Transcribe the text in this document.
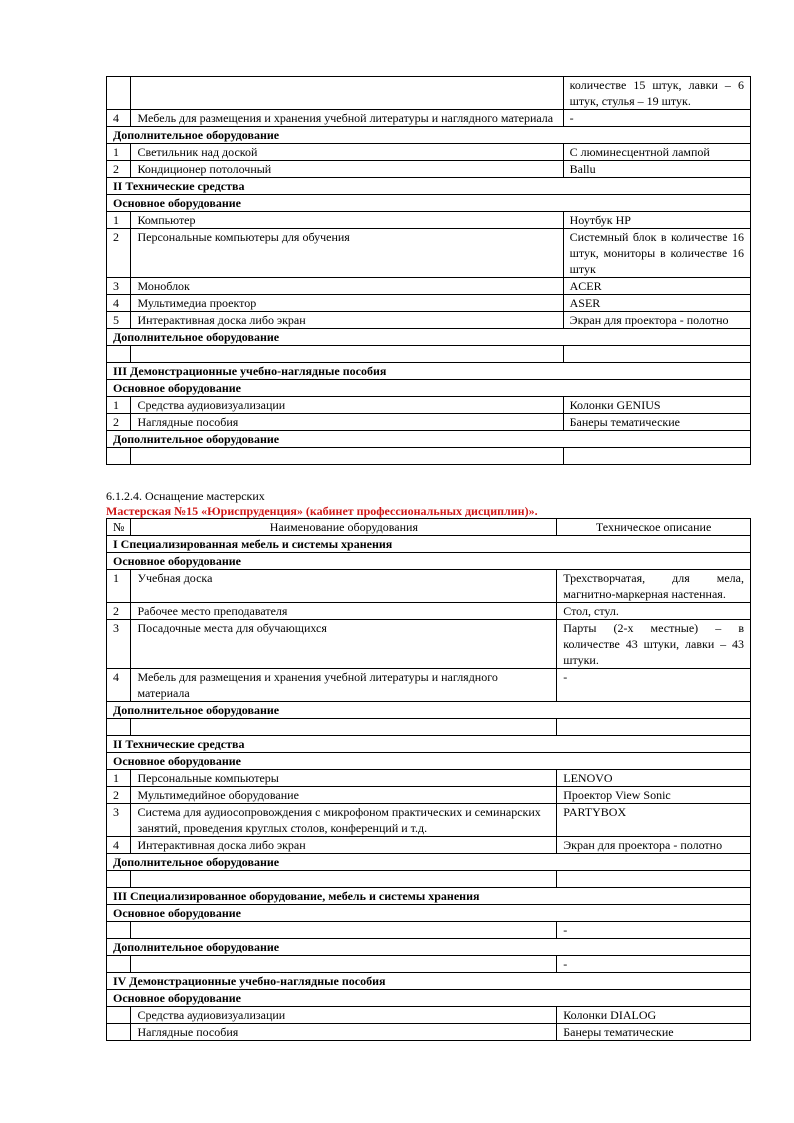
		количестве 15 штук, лавки – 6 штук, стулья – 19 штук.
4	Мебель для размещения и хранения учебной литературы и наглядного материала	-
Дополнительное оборудование		
1	Светильник над доской	С люминесцентной лампой
2	Кондиционер потолочный	Ballu
II Технические средства		
Основное оборудование		
1	Компьютер	Ноутбук HP
2	Персональные компьютеры для обучения	Системный блок в количестве 16 штук, мониторы в количестве 16 штук
3	Моноблок	ACER
4	Мультимедиа проектор	ASER
5	Интерактивная доска либо экран	Экран для проектора - полотно
Дополнительное оборудование		

III Демонстрационные учебно-наглядные пособия		
Основное оборудование		
1	Средства аудиовизуализации	Колонки GENIUS
2	Наглядные пособия	Банеры тематические
Дополнительное оборудование		

6.1.2.4. Оснащение мастерских
Мастерская №15 «Юриспруденция» (кабинет профессиональных дисциплин)».
№	Наименование оборудования	Техническое описание
I Специализированная мебель и системы хранения		
Основное оборудование		
1	Учебная доска	Трехстворчатая, для мела, магнитно-маркерная настенная.
2	Рабочее место преподавателя	Стол, стул.
3	Посадочные места для обучающихся	Парты (2-х местные) – в количестве 43 штуки, лавки – 43 штуки.
4	Мебель для размещения и хранения учебной литературы и наглядного материала	-
Дополнительное оборудование		

II Технические средства		
Основное оборудование		
1	Персональные компьютеры	LENOVO
2	Мультимедийное оборудование	Проектор View Sonic
3	Система для аудиосопровождения с микрофоном практических и семинарских занятий, проведения круглых столов, конференций и т.д.	PARTYBOX
4	Интерактивная доска либо экран	Экран для проектора - полотно
Дополнительное оборудование		

III Специализированное оборудование, мебель и системы хранения		
Основное оборудование		
		-
Дополнительное оборудование		
		-
IV Демонстрационные учебно-наглядные пособия		
Основное оборудование		
	Средства аудиовизуализации	Колонки DIALOG
	Наглядные пособия	Банеры тематические
